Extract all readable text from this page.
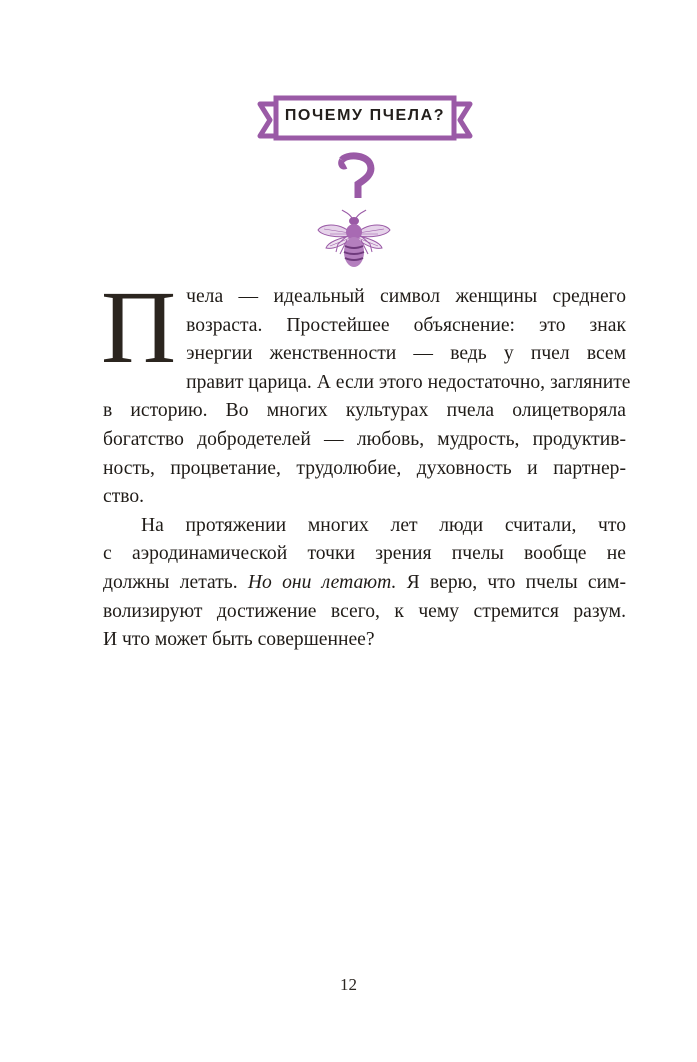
ПОЧЕМУ ПЧЕЛА?

П чела — идеальный символ женщины среднего
возраста. Простейшее объяснение: это знак
энергии женственности — ведь у пчел всем
правит царица. А если этого недостаточно, загляните
в историю. Во многих культурах пчела олицетворяла
богатство добродетелей — любовь, мудрость, продуктив-
ность, процветание, трудолюбие, духовность и партнер-
ство.

На протяжении многих лет люди считали, что
с аэродинамической точки зрения пчелы вообще не
должны летать. Но они летают. Я верю, что пчелы сим-
волизируют достижение всего, к чему стремится разум.
И что может быть совершеннее?

12
